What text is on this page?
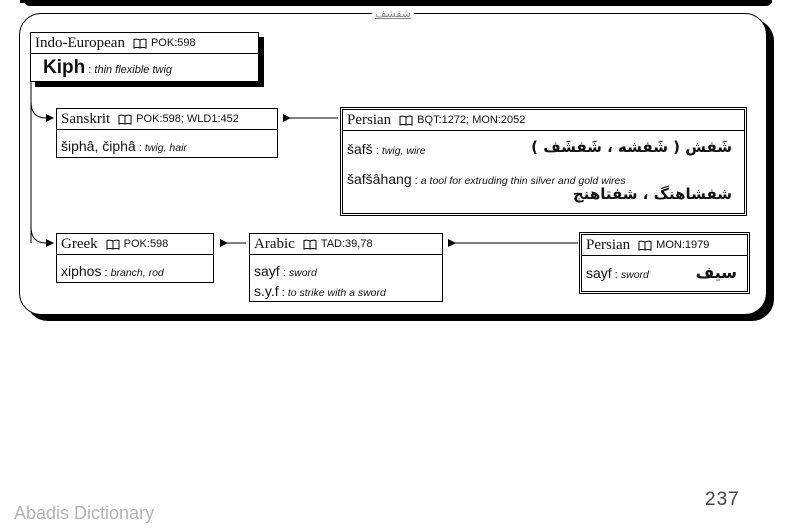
شفشف
Indo-European POK:598
Kiph : thin flexible twig
Sanskrit POK:598; WLD1:452
šiphâ, čiphâ : twig, hair
Persian BQT:1272; MON:2052
šafš : twig, wire	شَفش ( شَفشه ، شَفشَف )
šafšâhang : a tool for extruding thin silver and gold wires
شفشاهنگ ، شفتاهنج
Greek POK:598
xiphos : branch, rod
Arabic TAD:39,78
sayf : sword
s.y.f : to strike with a sword
Persian MON:1979
sayf : sword	سیف
237
Abadis Dictionary
